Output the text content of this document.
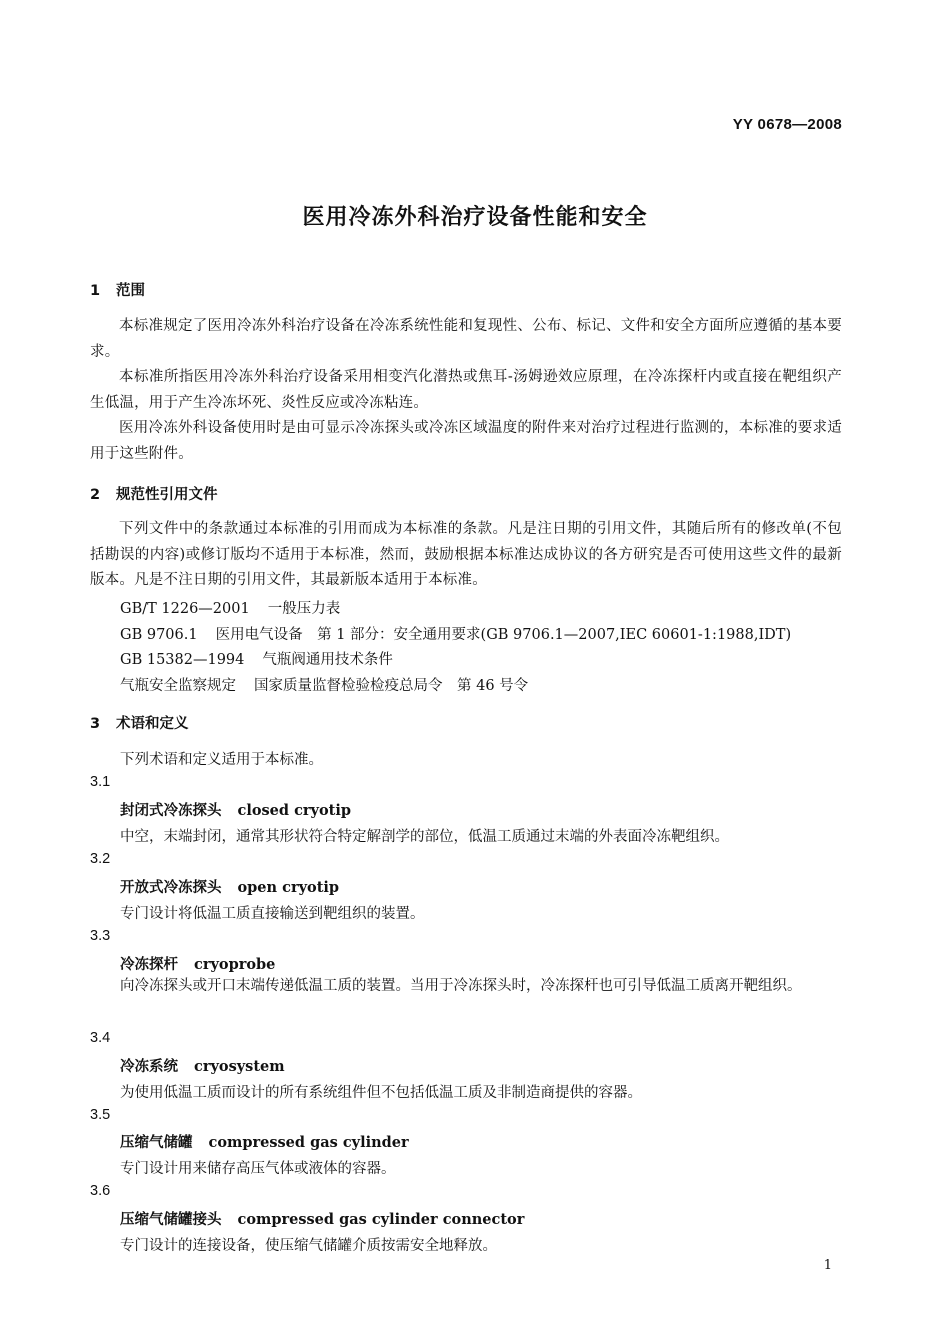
YY 0678—2008
医用冷冻外科治疗设备性能和安全
1 范围
本标准规定了医用冷冻外科治疗设备在冷冻系统性能和复现性、公布、标记、文件和安全方面所应遵循的基本要求。
本标准所指医用冷冻外科治疗设备采用相变汽化潜热或焦耳-汤姆逊效应原理，在冷冻探杆内或直接在靶组织产生低温，用于产生冷冻坏死、炎性反应或冷冻粘连。
医用冷冻外科设备使用时是由可显示冷冻探头或冷冻区域温度的附件来对治疗过程进行监测的，本标准的要求适用于这些附件。
2 规范性引用文件
下列文件中的条款通过本标准的引用而成为本标准的条款。凡是注日期的引用文件，其随后所有的修改单(不包括勘误的内容)或修订版均不适用于本标准，然而，鼓励根据本标准达成协议的各方研究是否可使用这些文件的最新版本。凡是不注日期的引用文件，其最新版本适用于本标准。
GB/T 1226—2001 一般压力表
GB 9706.1 医用电气设备　第 1 部分：安全通用要求(GB 9706.1—2007,IEC 60601-1:1988,IDT)
GB 15382—1994 气瓶阀通用技术条件
气瓶安全监察规定 国家质量监督检验检疫总局令　第 46 号令
3 术语和定义
下列术语和定义适用于本标准。
3.1
封闭式冷冻探头 closed cryotip
中空，末端封闭，通常其形状符合特定解剖学的部位，低温工质通过末端的外表面冷冻靶组织。
3.2
开放式冷冻探头 open cryotip
专门设计将低温工质直接输送到靶组织的装置。
3.3
冷冻探杆 cryoprobe
向冷冻探头或开口末端传递低温工质的装置。当用于冷冻探头时，冷冻探杆也可引导低温工质离开靶组织。
3.4
冷冻系统 cryosystem
为使用低温工质而设计的所有系统组件但不包括低温工质及非制造商提供的容器。
3.5
压缩气储罐 compressed gas cylinder
专门设计用来储存高压气体或液体的容器。
3.6
压缩气储罐接头 compressed gas cylinder connector
专门设计的连接设备，使压缩气储罐介质按需安全地释放。
1
